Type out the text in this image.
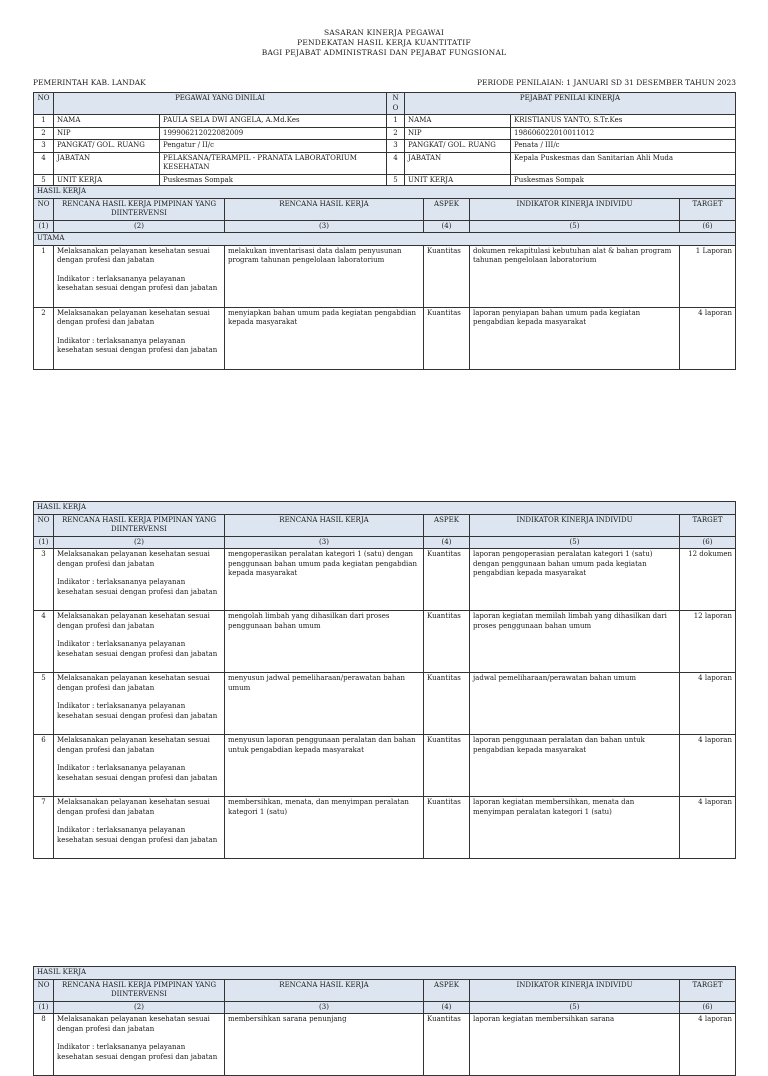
SASARAN KINERJA PEGAWAI
PENDEKATAN HASIL KERJA KUANTITATIF
BAGI PEJABAT ADMINISTRASI DAN PEJABAT FUNGSIONAL
PEMERINTAH KAB. LANDAK	PERIODE PENILAIAN: 1 JANUARI SD 31 DESEMBER TAHUN 2023
NO	PEGAWAI YANG DINILAI		NO	PEJABAT PENILAI KINERJA	
1	NAMA	PAULA SELA DWI ANGELA, A.Md.Kes	1	NAMA	KRISTIANUS YANTO, S.Tr.Kes
2	NIP	199906212022082009	2	NIP	198606022010011012
3	PANGKAT/ GOL. RUANG	Pengatur / II/c	3	PANGKAT/ GOL. RUANG	Penata / III/c
4	JABATAN	PELAKSANA/TERAMPIL - PRANATA LABORATORIUM KESEHATAN	4	JABATAN	Kepala Puskesmas dan Sanitarian Ahli Muda
5	UNIT KERJA	Puskesmas Sompak	5	UNIT KERJA	Puskesmas Sompak
HASIL KERJA					
NO	RENCANA HASIL KERJA PIMPINAN YANG DIINTERVENSI	RENCANA HASIL KERJA	ASPEK	INDIKATOR KINERJA INDIVIDU	TARGET
(1)	(2)	(3)	(4)	(5)	(6)
UTAMA					
1	Melaksanakan pelayanan kesehatan sesuai dengan profesi dan jabatan
Indikator : terlaksananya pelayanan kesehatan sesuai dengan profesi dan jabatan	melakukan inventarisasi data dalam penyusunan program tahunan pengelolaan laboratorium	Kuantitas	dokumen rekapitulasi kebutuhan alat & bahan program tahunan pengelolaan laboratorium	1 Laporan
2	Melaksanakan pelayanan kesehatan sesuai dengan profesi dan jabatan
Indikator : terlaksananya pelayanan kesehatan sesuai dengan profesi dan jabatan	menyiapkan bahan umum pada kegiatan pengabdian kepada masyarakat	Kuantitas	laporan penyiapan bahan umum pada kegiatan pengabdian kepada masyarakat	4 laporan
HASIL KERJA					
NO	RENCANA HASIL KERJA PIMPINAN YANG DIINTERVENSI	RENCANA HASIL KERJA	ASPEK	INDIKATOR KINERJA INDIVIDU	TARGET
(1)	(2)	(3)	(4)	(5)	(6)
3	Melaksanakan pelayanan kesehatan sesuai dengan profesi dan jabatan
Indikator : terlaksananya pelayanan kesehatan sesuai dengan profesi dan jabatan	mengoperasikan peralatan kategori 1 (satu) dengan penggunaan bahan umum pada kegiatan pengabdian kepada masyarakat	Kuantitas	laporan pengoperasian peralatan kategori 1 (satu) dengan penggunaan bahan umum pada kegiatan pengabdian kepada masyarakat	12 dokumen
4	Melaksanakan pelayanan kesehatan sesuai dengan profesi dan jabatan
Indikator : terlaksananya pelayanan kesehatan sesuai dengan profesi dan jabatan	mengolah limbah yang dihasilkan dari proses penggunaan bahan umum	Kuantitas	laporan kegiatan memilah limbah yang dihasilkan dari proses penggunaan bahan umum	12 laporan
5	Melaksanakan pelayanan kesehatan sesuai dengan profesi dan jabatan
Indikator : terlaksananya pelayanan kesehatan sesuai dengan profesi dan jabatan	menyusun jadwal pemeliharaan/perawatan bahan umum	Kuantitas	jadwal pemeliharaan/perawatan bahan umum	4 laporan
6	Melaksanakan pelayanan kesehatan sesuai dengan profesi dan jabatan
Indikator : terlaksananya pelayanan kesehatan sesuai dengan profesi dan jabatan	menyusun laporan penggunaan peralatan dan bahan untuk pengabdian kepada masyarakat	Kuantitas	laporan penggunaan peralatan dan bahan untuk pengabdian kepada masyarakat	4 laporan
7	Melaksanakan pelayanan kesehatan sesuai dengan profesi dan jabatan
Indikator : terlaksananya pelayanan kesehatan sesuai dengan profesi dan jabatan	membersihkan, menata, dan menyimpan peralatan kategori 1 (satu)	Kuantitas	laporan kegiatan membersihkan, menata dan menyimpan peralatan kategori 1 (satu)	4 laporan
HASIL KERJA					
NO	RENCANA HASIL KERJA PIMPINAN YANG DIINTERVENSI	RENCANA HASIL KERJA	ASPEK	INDIKATOR KINERJA INDIVIDU	TARGET
(1)	(2)	(3)	(4)	(5)	(6)
8	Melaksanakan pelayanan kesehatan sesuai dengan profesi dan jabatan
Indikator : terlaksananya pelayanan kesehatan sesuai dengan profesi dan jabatan	membersihkan sarana penunjang	Kuantitas	laporan kegiatan membersihkan sarana	4 laporan
